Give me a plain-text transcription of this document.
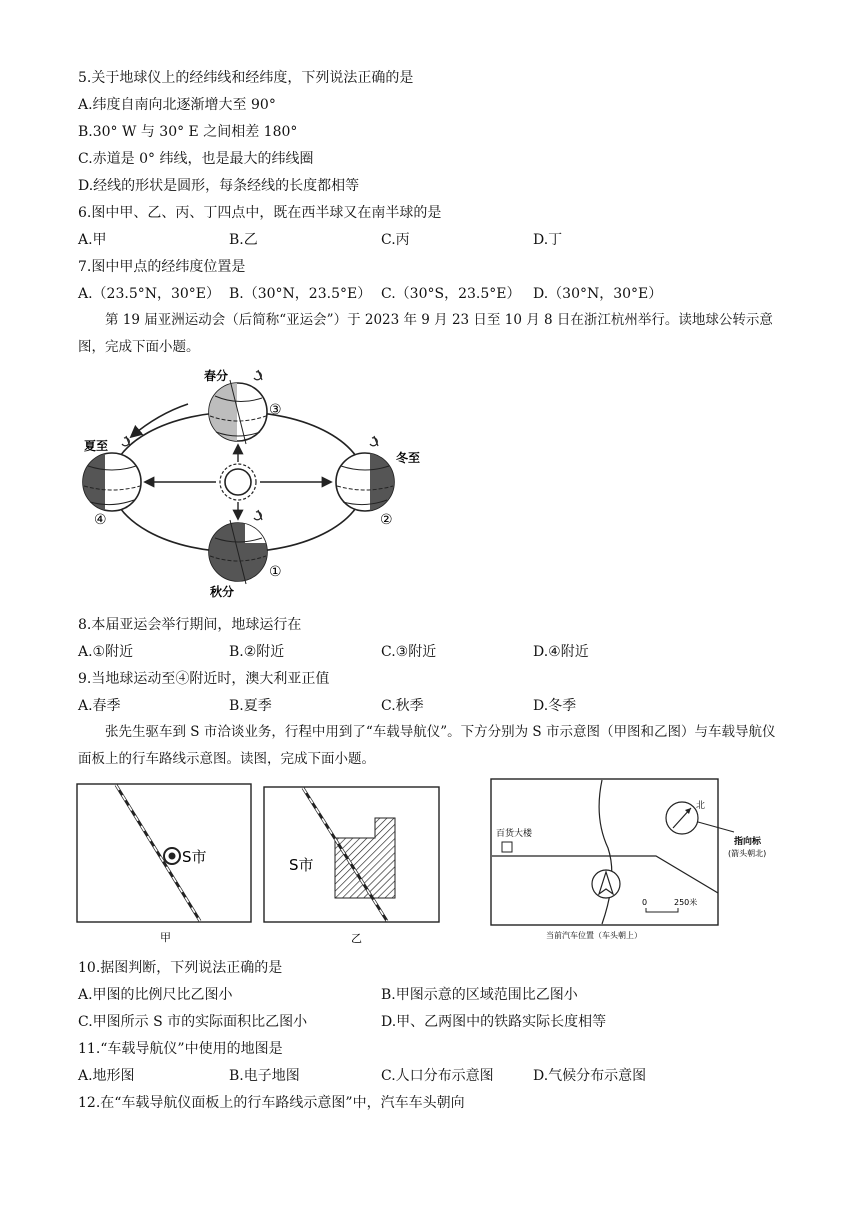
5.关于地球仪上的经纬线和经纬度，下列说法正确的是
A.纬度自南向北逐渐增大至 90°
B.30° W 与 30° E 之间相差 180°
C.赤道是 0° 纬线，也是最大的纬线圈
D.经线的形状是圆形，每条经线的长度都相等
6.图中甲、乙、丙、丁四点中，既在西半球又在南半球的是
A.甲	B.乙	C.丙	D.丁
7.图中甲点的经纬度位置是
A.（23.5°N，30°E） B.（30°N，23.5°E） C.（30°S，23.5°E） D.（30°N，30°E）
第 19 届亚洲运动会（后简称“亚运会”）于 2023 年 9 月 23 日至 10 月 8 日在浙江杭州举行。读地球公转示意图，完成下面小题。
春分
夏至
冬至
秋分
③
④	②
①
8.本届亚运会举行期间，地球运行在
A.①附近	B.②附近	C.③附近	D.④附近
9.当地球运动至④附近时，澳大利亚正值
A.春季	B.夏季	C.秋季	D.冬季
张先生驱车到 S 市洽谈业务，行程中用到了“车载导航仪”。下方分别为 S 市示意图（甲图和乙图）与车载导航仪面板上的行车路线示意图。读图，完成下面小题。
S市
甲
S市
乙
百货大楼
北
指向标
(箭头朝北)
0	250米
当前汽车位置（车头朝上）
10.据图判断，下列说法正确的是
A.甲图的比例尺比乙图小	B.甲图示意的区域范围比乙图小
C.甲图所示 S 市的实际面积比乙图小	D.甲、乙两图中的铁路实际长度相等
11.“车载导航仪”中使用的地图是
A.地形图	B.电子地图	C.人口分布示意图	D.气候分布示意图
12.在“车载导航仪面板上的行车路线示意图”中，汽车车头朝向
